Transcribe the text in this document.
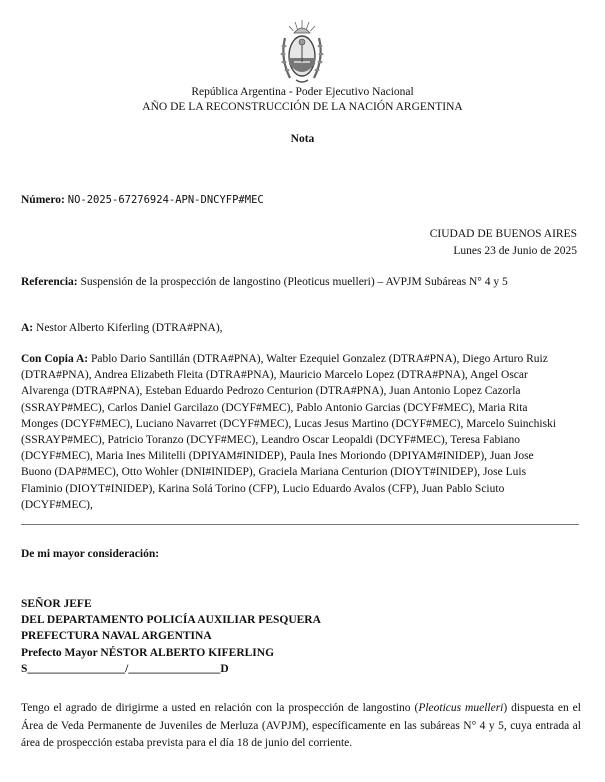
República Argentina - Poder Ejecutivo Nacional
AÑO DE LA RECONSTRUCCIÓN DE LA NACIÓN ARGENTINA
Nota
Número: NO-2025-67276924-APN-DNCYFP#MEC
CIUDAD DE BUENOS AIRES
Lunes 23 de Junio de 2025
Referencia: Suspensión de la prospección de langostino (Pleoticus muelleri) – AVPJM Subáreas N° 4 y 5
A: Nestor Alberto Kiferling (DTRA#PNA),
Con Copia A: Pablo Dario Santillán (DTRA#PNA), Walter Ezequiel Gonzalez (DTRA#PNA), Diego Arturo Ruiz
(DTRA#PNA), Andrea Elizabeth Fleita (DTRA#PNA), Mauricio Marcelo Lopez (DTRA#PNA), Angel Oscar
Alvarenga (DTRA#PNA), Esteban Eduardo Pedrozo Centurion (DTRA#PNA), Juan Antonio Lopez Cazorla
(SSRAYP#MEC), Carlos Daniel Garcilazo (DCYF#MEC), Pablo Antonio Garcias (DCYF#MEC), Maria Rita
Monges (DCYF#MEC), Luciano Navarret (DCYF#MEC), Lucas Jesus Martino (DCYF#MEC), Marcelo Suinchiski
(SSRAYP#MEC), Patricio Toranzo (DCYF#MEC), Leandro Oscar Leopaldi (DCYF#MEC), Teresa Fabiano
(DCYF#MEC), Maria Ines Militelli (DPIYAM#INIDEP), Paula Ines Moriondo (DPIYAM#INIDEP), Juan Jose
Buono (DAP#MEC), Otto Wohler (DNI#INIDEP), Graciela Mariana Centurion (DIOYT#INIDEP), Jose Luis
Flaminio (DIOYT#INIDEP), Karina Solá Torino (CFP), Lucio Eduardo Avalos (CFP), Juan Pablo Sciuto
(DCYF#MEC),
De mi mayor consideración:
SEÑOR JEFE
DEL DEPARTAMENTO POLICÍA AUXILIAR PESQUERA
PREFECTURA NAVAL ARGENTINA
Prefecto Mayor NÉSTOR ALBERTO KIFERLING
S_________________/________________D
Tengo el agrado de dirigirme a usted en relación con la prospección de langostino (Pleoticus muelleri) dispuesta en el Área de Veda Permanente de Juveniles de Merluza (AVPJM), específicamente en las subáreas N° 4 y 5, cuya entrada al área de prospección estaba prevista para el día 18 de junio del corriente.
